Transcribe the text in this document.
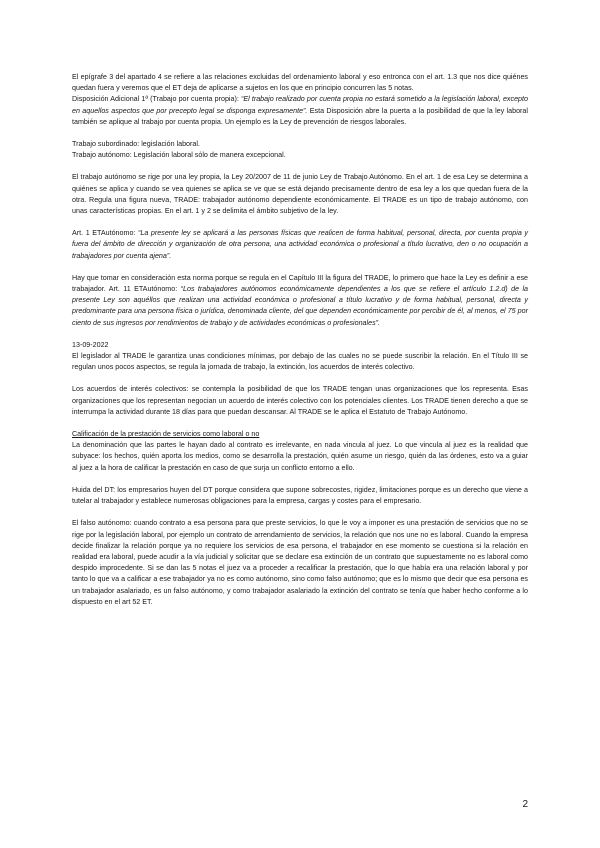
El epígrafe 3 del apartado 4 se refiere a las relaciones excluidas del ordenamiento laboral y eso entronca con el art. 1.3 que nos dice quiénes quedan fuera y veremos que el ET deja de aplicarse a sujetos en los que en principio concurren las 5 notas.

Disposición Adicional 1ª (Trabajo por cuenta propia): “El trabajo realizado por cuenta propia no estará sometido a la legislación laboral, excepto en aquellos aspectos que por precepto legal se disponga expresamente”. Esta Disposición abre la puerta a la posibilidad de que la ley laboral también se aplique al trabajo por cuenta propia. Un ejemplo es la Ley de prevención de riesgos laborales.

Trabajo subordinado: legislación laboral.

Trabajo autónomo: Legislación laboral sólo de manera excepcional.

El trabajo autónomo se rige por una ley propia, la Ley 20/2007 de 11 de junio Ley de Trabajo Autónomo. En el art. 1 de esa Ley se determina a quiénes se aplica y cuando se vea quienes se aplica se ve que se está dejando precisamente dentro de esa ley a los que quedan fuera de la otra. Regula una figura nueva, TRADE: trabajador autónomo dependiente económicamente. El TRADE es un tipo de trabajo autónomo, con unas características propias. En el art. 1 y 2 se delimita el ámbito subjetivo de la ley.

Art. 1 ETAutónomo: “La presente ley se aplicará a las personas físicas que realicen de forma habitual, personal, directa, por cuenta propia y fuera del ámbito de dirección y organización de otra persona, una actividad económica o profesional a título lucrativo, den o no ocupación a trabajadores por cuenta ajena”.

Hay que tomar en consideración esta norma porque se regula en el Capítulo III la figura del TRADE, lo primero que hace la Ley es definir a ese trabajador. Art. 11 ETAutónomo: “Los trabajadores autónomos económicamente dependientes a los que se refiere el artículo 1.2.d) de la presente Ley son aquéllos que realizan una actividad económica o profesional a título lucrativo y de forma habitual, personal, directa y predominante para una persona física o jurídica, denominada cliente, del que dependen económicamente por percibir de él, al menos, el 75 por ciento de sus ingresos por rendimientos de trabajo y de actividades económicas o profesionales”.

13-09-2022

El legislador al TRADE le garantiza unas condiciones mínimas, por debajo de las cuales no se puede suscribir la relación. En el Título III se regulan unos pocos aspectos, se regula la jornada de trabajo, la extinción, los acuerdos de interés colectivo.

Los acuerdos de interés colectivos: se contempla la posibilidad de que los TRADE tengan unas organizaciones que los representa. Esas organizaciones que los representan negocian un acuerdo de interés colectivo con los potenciales clientes. Los TRADE tienen derecho a que se interrumpa la actividad durante 18 días para que puedan descansar. Al TRADE se le aplica el Estatuto de Trabajo Autónomo.

Calificación de la prestación de servicios como laboral o no

La denominación que las partes le hayan dado al contrato es irrelevante, en nada vincula al juez. Lo que vincula al juez es la realidad que subyace: los hechos, quién aporta los medios, como se desarrolla la prestación, quién asume un riesgo, quién da las órdenes, esto va a guiar al juez a la hora de calificar la prestación en caso de que surja un conflicto entorno a ello.

Huida del DT: los empresarios huyen del DT porque considera que supone sobrecostes, rigidez, limitaciones porque es un derecho que viene a tutelar al trabajador y establece numerosas obligaciones para la empresa, cargas y costes para el empresario.

El falso autónomo: cuando contrato a esa persona para que preste servicios, lo que le voy a imponer es una prestación de servicios que no se rige por la legislación laboral, por ejemplo un contrato de arrendamiento de servicios, la relación que nos une no es laboral. Cuando la empresa decide finalizar la relación porque ya no requiere los servicios de esa persona, el trabajador en ese momento se cuestiona si la relación en realidad era laboral, puede acudir a la vía judicial y solicitar que se declare esa extinción de un contrato que supuestamente no es laboral como despido improcedente. Si se dan las 5 notas el juez va a proceder a recalificar la prestación, que lo que había era una relación laboral y por tanto lo que va a calificar a ese trabajador ya no es como autónomo, sino como falso autónomo; que es lo mismo que decir que esa persona es un trabajador asalariado, es un falso autónomo, y como trabajador asalariado la extinción del contrato se tenía que haber hecho conforme a lo dispuesto en el art 52 ET.

2
